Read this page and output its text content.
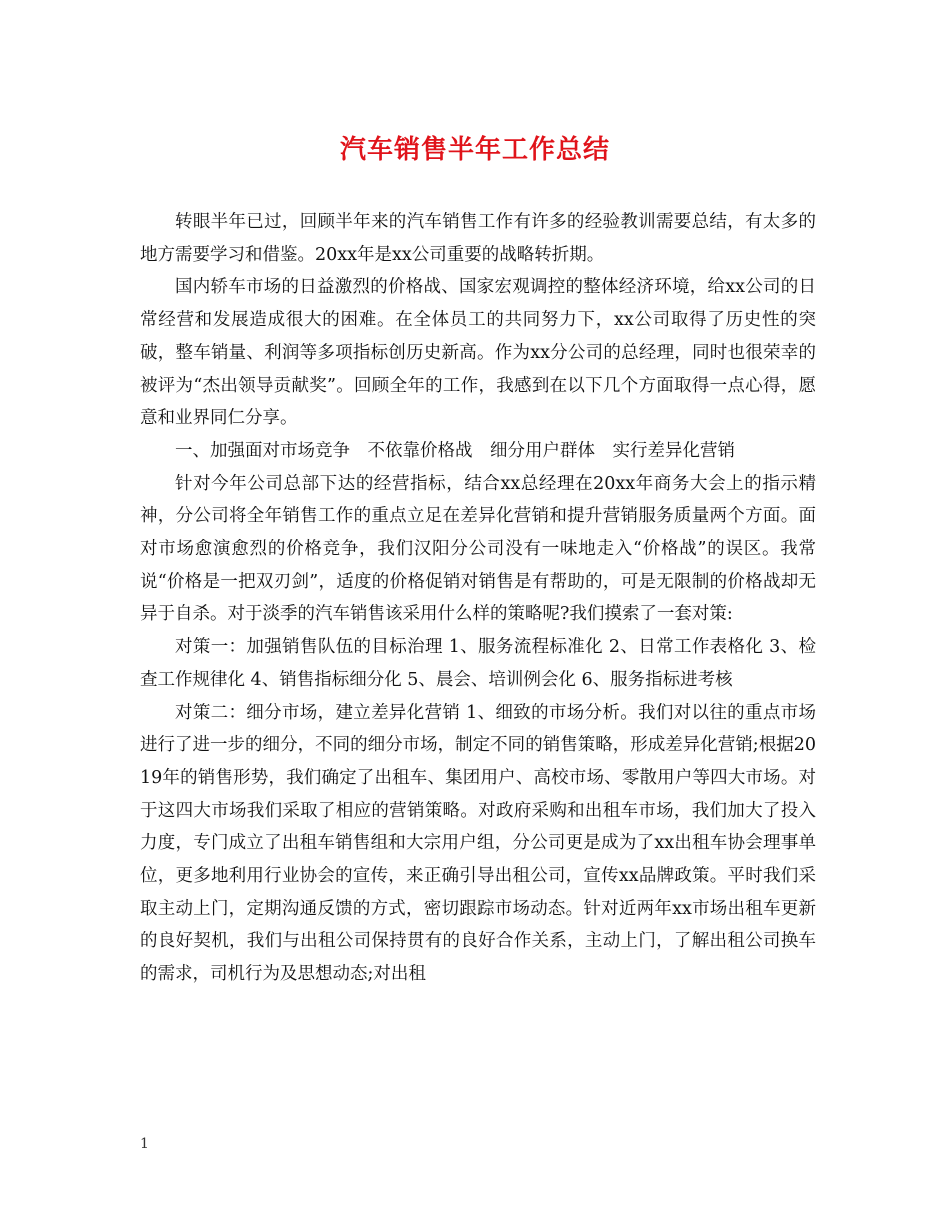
汽车销售半年工作总结

转眼半年已过，回顾半年来的汽车销售工作有许多的经验教训需要总结，有太多的地方需要学习和借鉴。20xx年是xx公司重要的战略转折期。

国内轿车市场的日益激烈的价格战、国家宏观调控的整体经济环境，给xx公司的日常经营和发展造成很大的困难。在全体员工的共同努力下，xx公司取得了历史性的突破，整车销量、利润等多项指标创历史新高。作为xx分公司的总经理，同时也很荣幸的被评为“杰出领导贡献奖”。回顾全年的工作，我感到在以下几个方面取得一点心得，愿意和业界同仁分享。

一、加强面对市场竞争　不依靠价格战　细分用户群体　实行差异化营销

针对今年公司总部下达的经营指标，结合xx总经理在20xx年商务大会上的指示精神，分公司将全年销售工作的重点立足在差异化营销和提升营销服务质量两个方面。面对市场愈演愈烈的价格竞争，我们汉阳分公司没有一味地走入“价格战”的误区。我常说“价格是一把双刃剑”，适度的价格促销对销售是有帮助的，可是无限制的价格战却无异于自杀。对于淡季的汽车销售该采用什么样的策略呢?我们摸索了一套对策:

对策一：加强销售队伍的目标治理 1、服务流程标准化 2、日常工作表格化 3、检查工作规律化 4、销售指标细分化 5、晨会、培训例会化 6、服务指标进考核

对策二：细分市场，建立差异化营销 1、细致的市场分析。我们对以往的重点市场进行了进一步的细分，不同的细分市场，制定不同的销售策略，形成差异化营销;根据2019年的销售形势，我们确定了出租车、集团用户、高校市场、零散用户等四大市场。对于这四大市场我们采取了相应的营销策略。对政府采购和出租车市场，我们加大了投入力度，专门成立了出租车销售组和大宗用户组，分公司更是成为了xx出租车协会理事单位，更多地利用行业协会的宣传，来正确引导出租公司，宣传xx品牌政策。平时我们采取主动上门，定期沟通反馈的方式，密切跟踪市场动态。针对近两年xx市场出租车更新的良好契机，我们与出租公司保持贯有的良好合作关系，主动上门，了解出租公司换车的需求，司机行为及思想动态;对出租

1
